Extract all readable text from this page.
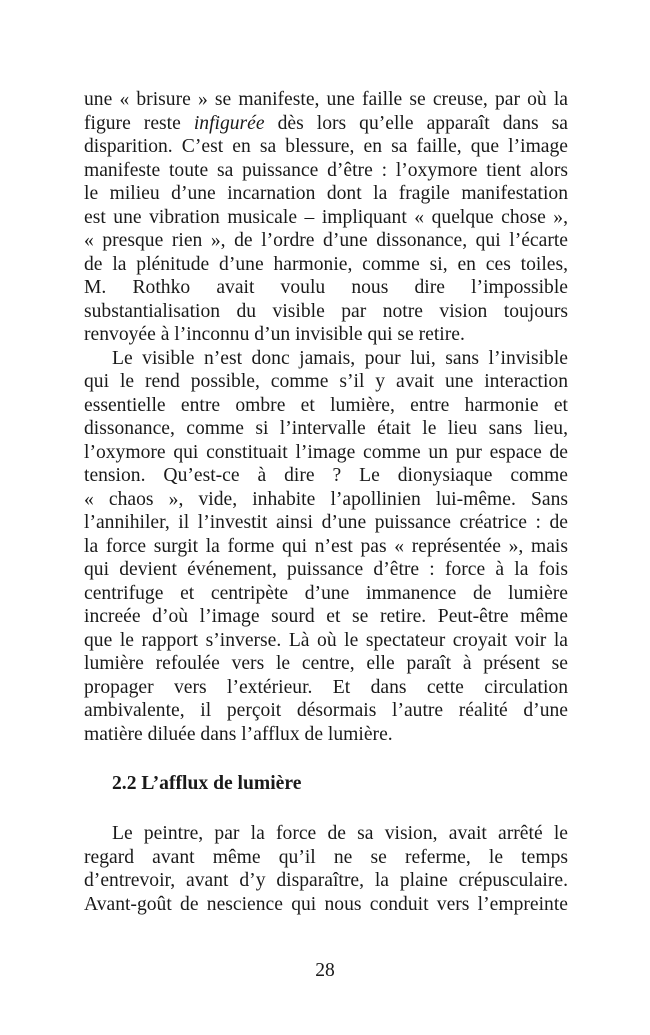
une « brisure » se manifeste, une faille se creuse, par où la
figure reste infigurée dès lors qu’elle apparaît dans sa
disparition. C’est en sa blessure, en sa faille, que l’image
manifeste toute sa puissance d’être : l’oxymore tient alors
le milieu d’une incarnation dont la fragile manifestation
est une vibration musicale – impliquant « quelque chose »,
« presque rien », de l’ordre d’une dissonance, qui l’écarte
de la plénitude d’une harmonie, comme si, en ces toiles,
M. Rothko avait voulu nous dire l’impossible
substantialisation du visible par notre vision toujours
renvoyée à l’inconnu d’un invisible qui se retire.
Le visible n’est donc jamais, pour lui, sans l’invisible
qui le rend possible, comme s’il y avait une interaction
essentielle entre ombre et lumière, entre harmonie et
dissonance, comme si l’intervalle était le lieu sans lieu,
l’oxymore qui constituait l’image comme un pur espace de
tension. Qu’est-ce à dire ? Le dionysiaque comme
« chaos », vide, inhabite l’apollinien lui-même. Sans
l’annihiler, il l’investit ainsi d’une puissance créatrice : de
la force surgit la forme qui n’est pas « représentée », mais
qui devient événement, puissance d’être : force à la fois
centrifuge et centripète d’une immanence de lumière
increée d’où l’image sourd et se retire. Peut-être même
que le rapport s’inverse. Là où le spectateur croyait voir la
lumière refoulée vers le centre, elle paraît à présent se
propager vers l’extérieur. Et dans cette circulation
ambivalente, il perçoit désormais l’autre réalité d’une
matière diluée dans l’afflux de lumière.
2.2 L’afflux de lumière
Le peintre, par la force de sa vision, avait arrêté le
regard avant même qu’il ne se referme, le temps
d’entrevoir, avant d’y disparaître, la plaine crépusculaire.
Avant-goût de nescience qui nous conduit vers l’empreinte
28
